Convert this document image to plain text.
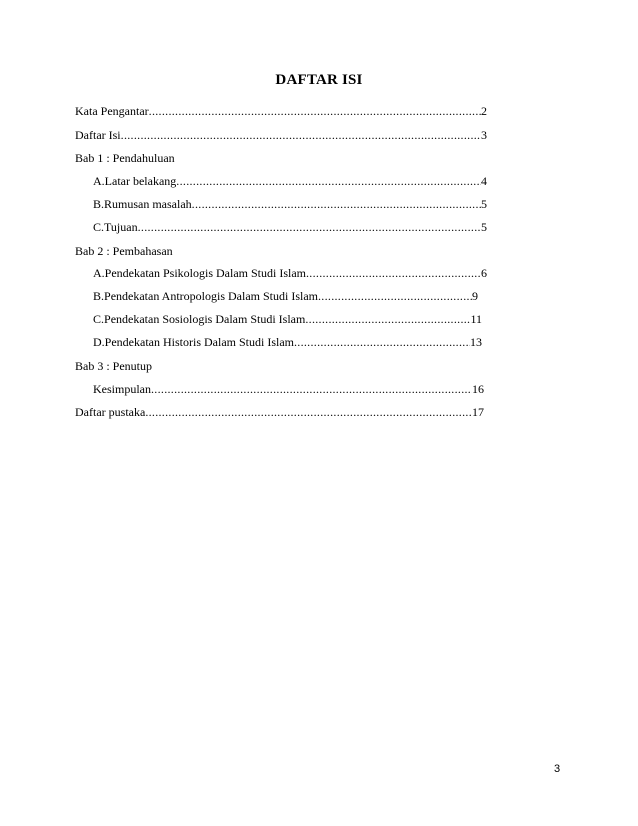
DAFTAR ISI
Kata Pengantar .....	2
Daftar Isi .....	3
Bab 1 : Pendahuluan
A. Latar belakang .....	4
B. Rumusan masalah .....	5
C. Tujuan .....	5
Bab 2 : Pembahasan
A. Pendekatan Psikologis Dalam Studi Islam .....	6
B. Pendekatan Antropologis Dalam Studi Islam .....	9
C. Pendekatan Sosiologis Dalam Studi Islam .....	11
D. Pendekatan Historis Dalam Studi Islam .....	13
Bab 3 : Penutup
Kesimpulan .....	16
Daftar pustaka .....	17
3
